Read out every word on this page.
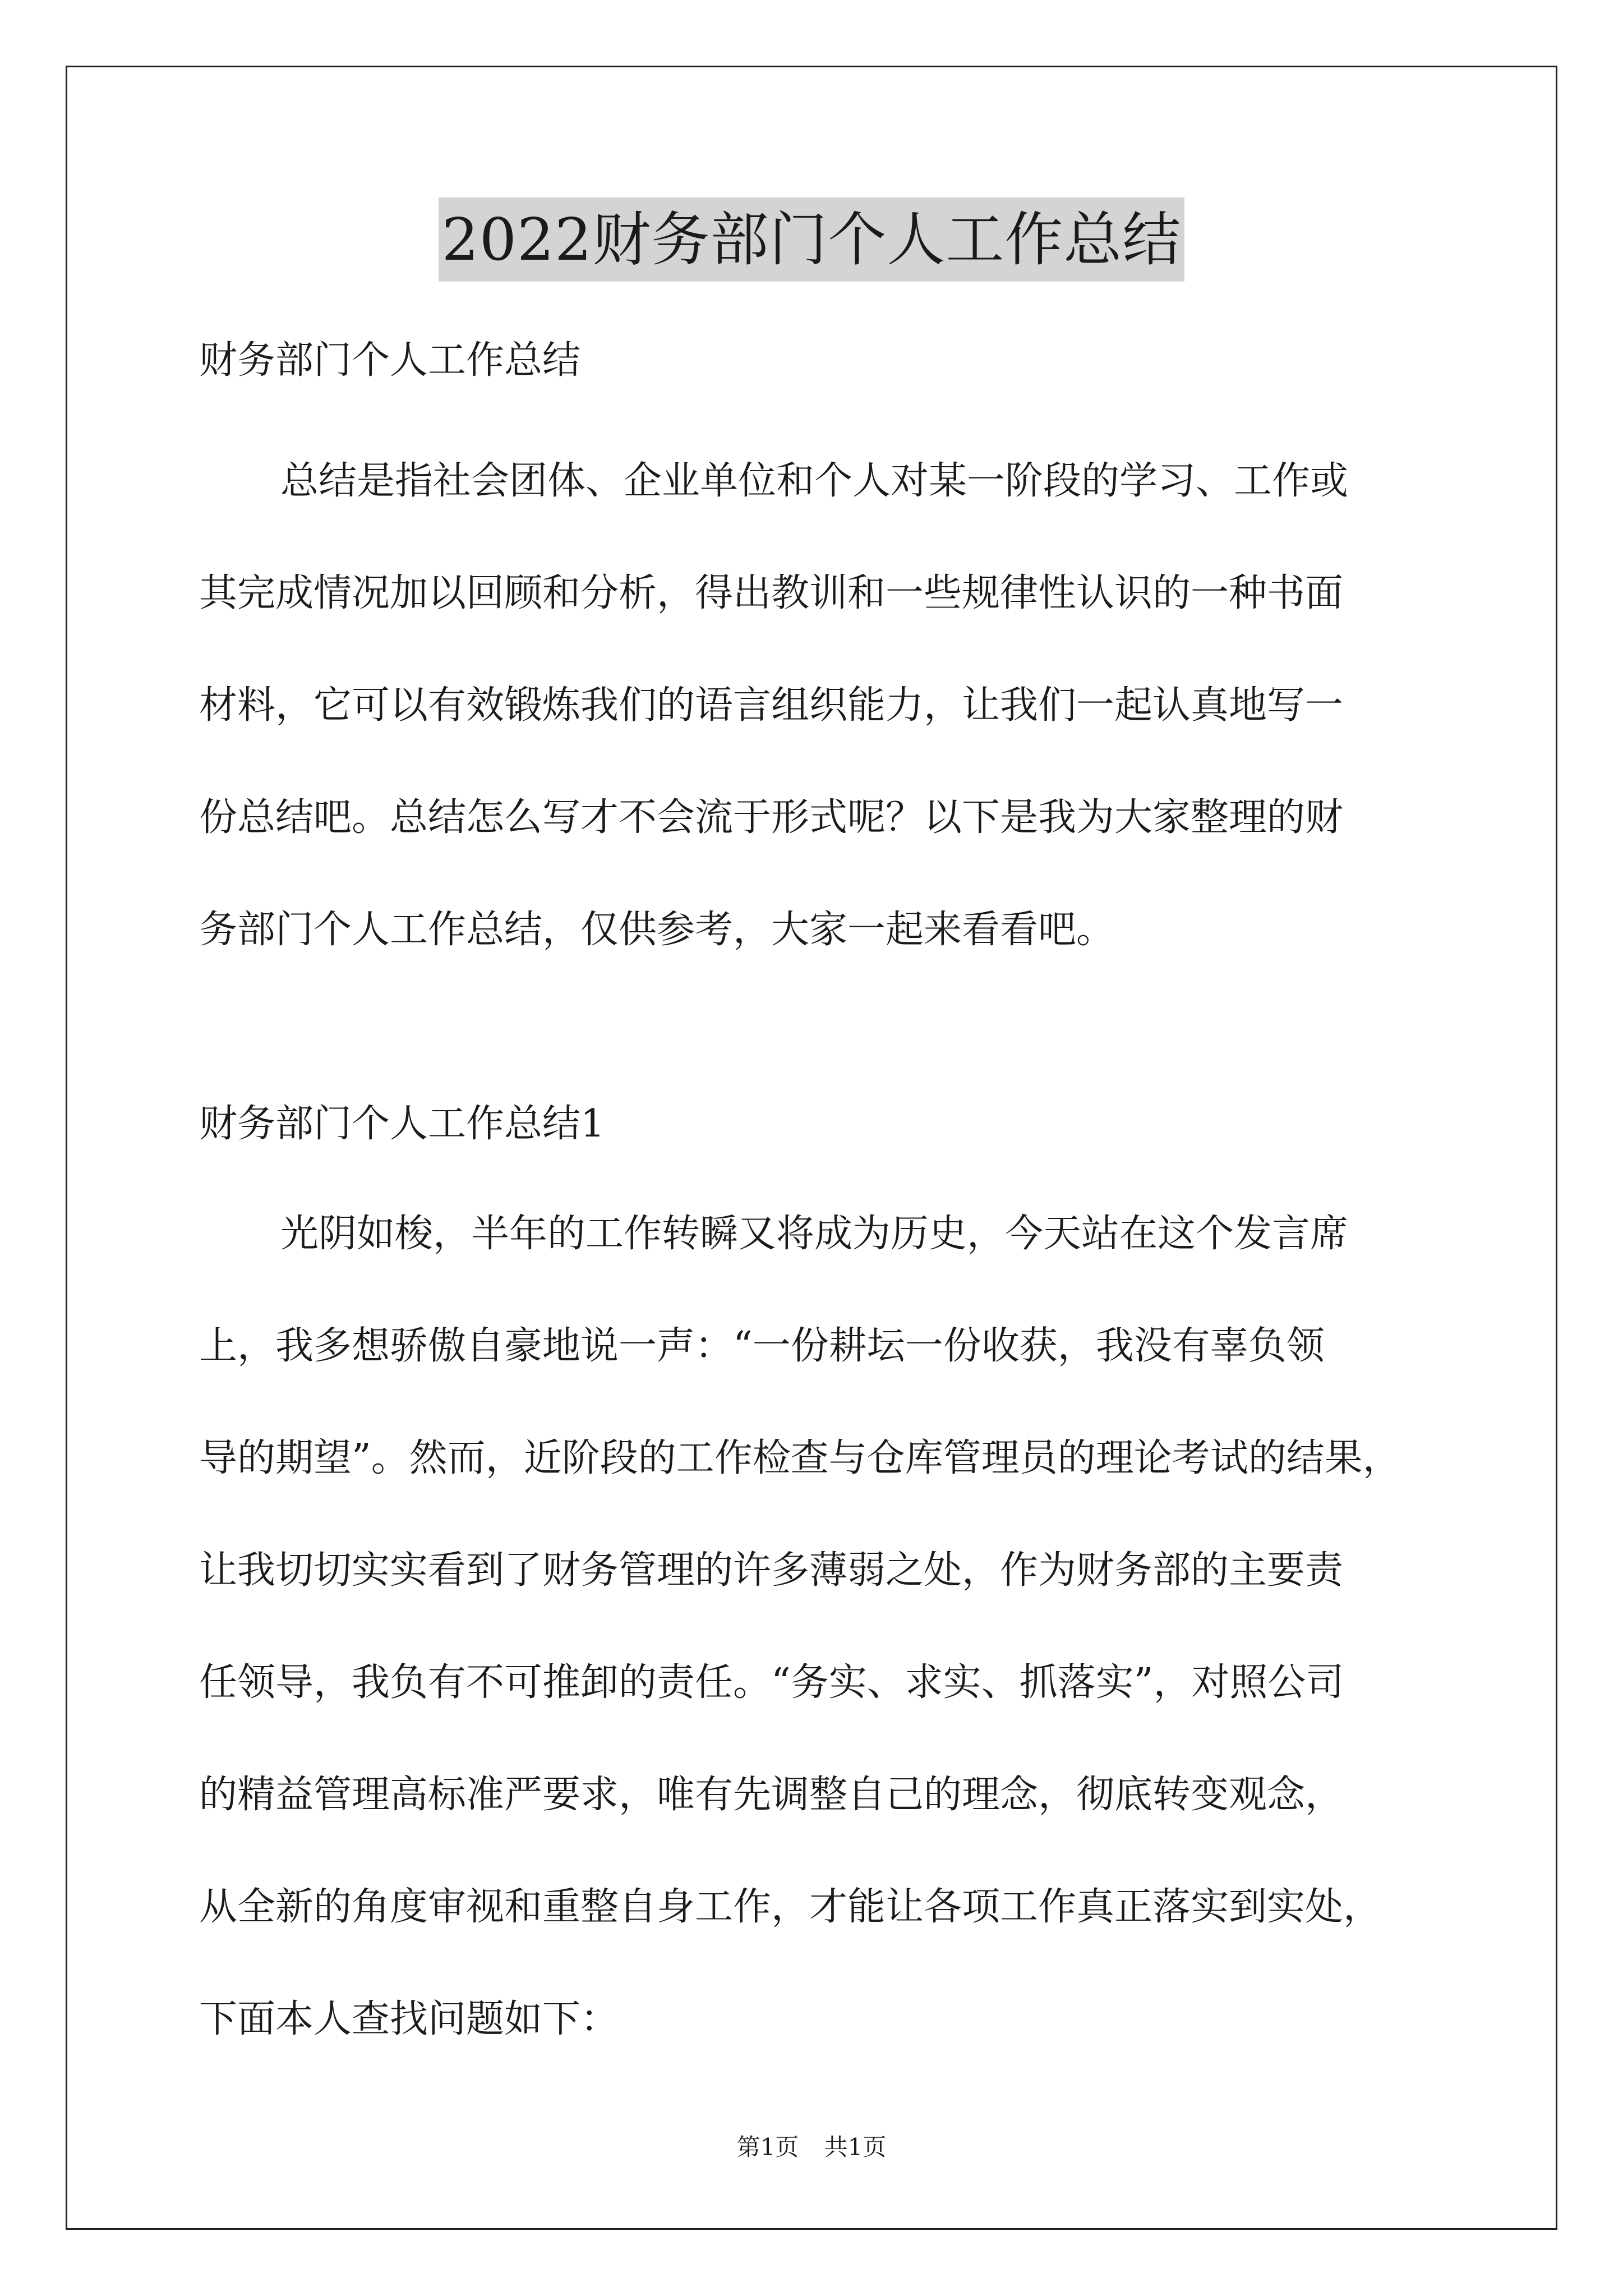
2022财务部门个人工作总结
财务部门个人工作总结
总结是指社会团体、企业单位和个人对某一阶段的学习、工作或
其完成情况加以回顾和分析，得出教训和一些规律性认识的一种书面
材料，它可以有效锻炼我们的语言组织能力，让我们一起认真地写一
份总结吧。总结怎么写才不会流于形式呢？以下是我为大家整理的财
务部门个人工作总结，仅供参考，大家一起来看看吧。
财务部门个人工作总结1
光阴如梭，半年的工作转瞬又将成为历史，今天站在这个发言席
上，我多想骄傲自豪地说一声：“一份耕坛一份收获，我没有辜负领
导的期望”。然而，近阶段的工作检查与仓库管理员的理论考试的结果，
让我切切实实看到了财务管理的许多薄弱之处，作为财务部的主要责
任领导，我负有不可推卸的责任。“务实、求实、抓落实”，对照公司
的精益管理高标准严要求，唯有先调整自己的理念，彻底转变观念，
从全新的角度审视和重整自身工作，才能让各项工作真正落实到实处，
下面本人查找问题如下：
第1页 共1页
